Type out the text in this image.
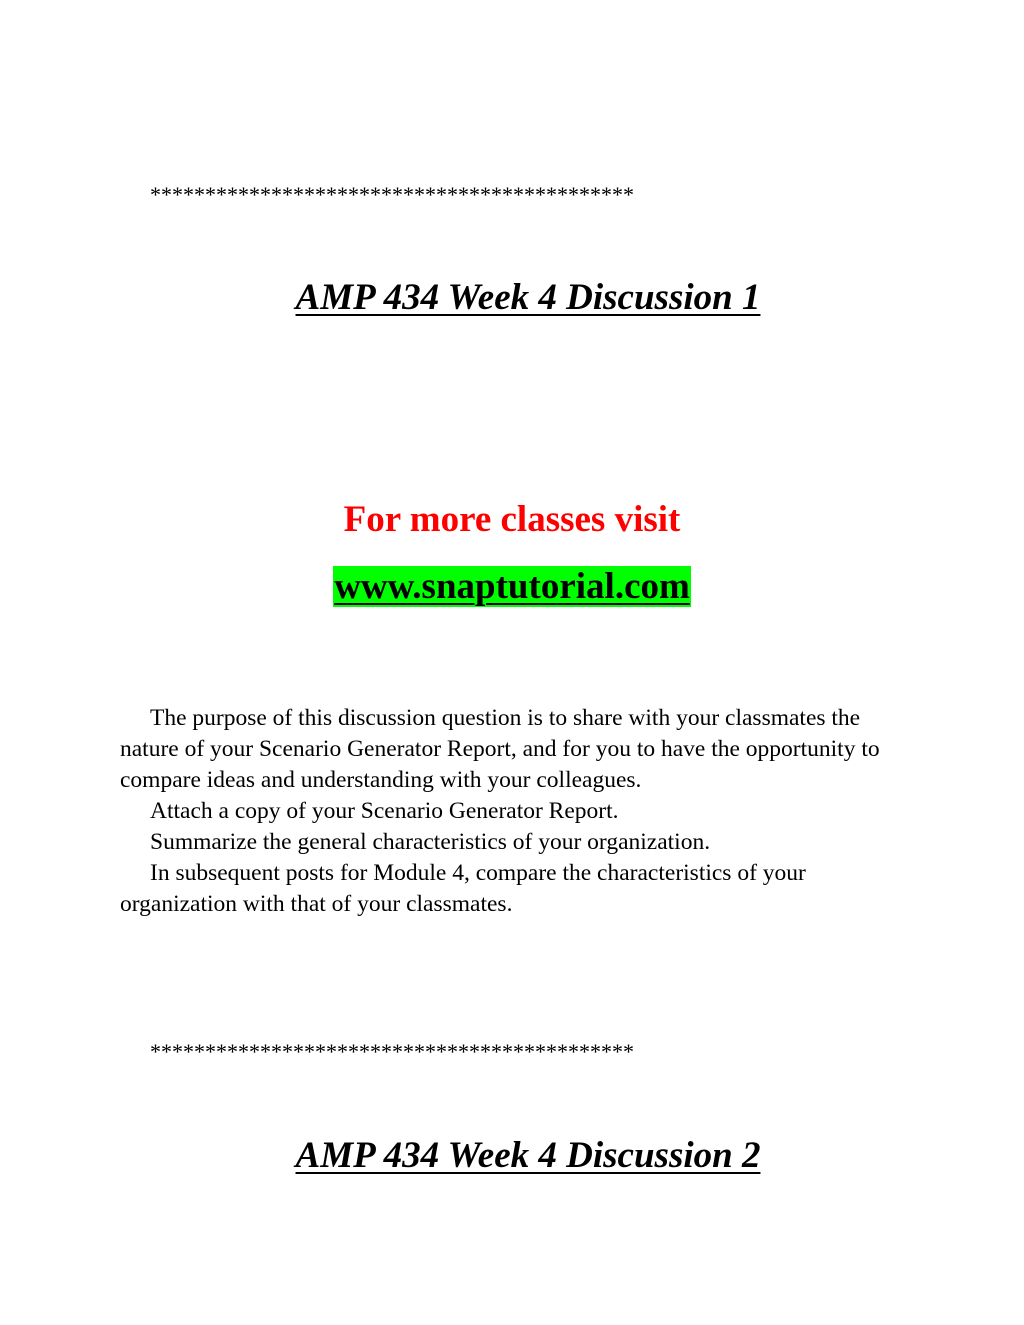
********************************************
AMP 434 Week 4 Discussion 1
For more classes visit
www.snaptutorial.com

The purpose of this discussion question is to share with your classmates the nature of your Scenario Generator Report, and for you to have the opportunity to compare ideas and understanding with your colleagues.

Attach a copy of your Scenario Generator Report.

Summarize the general characteristics of your organization.

In subsequent posts for Module 4, compare the characteristics of your organization with that of your classmates.

********************************************
AMP 434 Week 4 Discussion 2
